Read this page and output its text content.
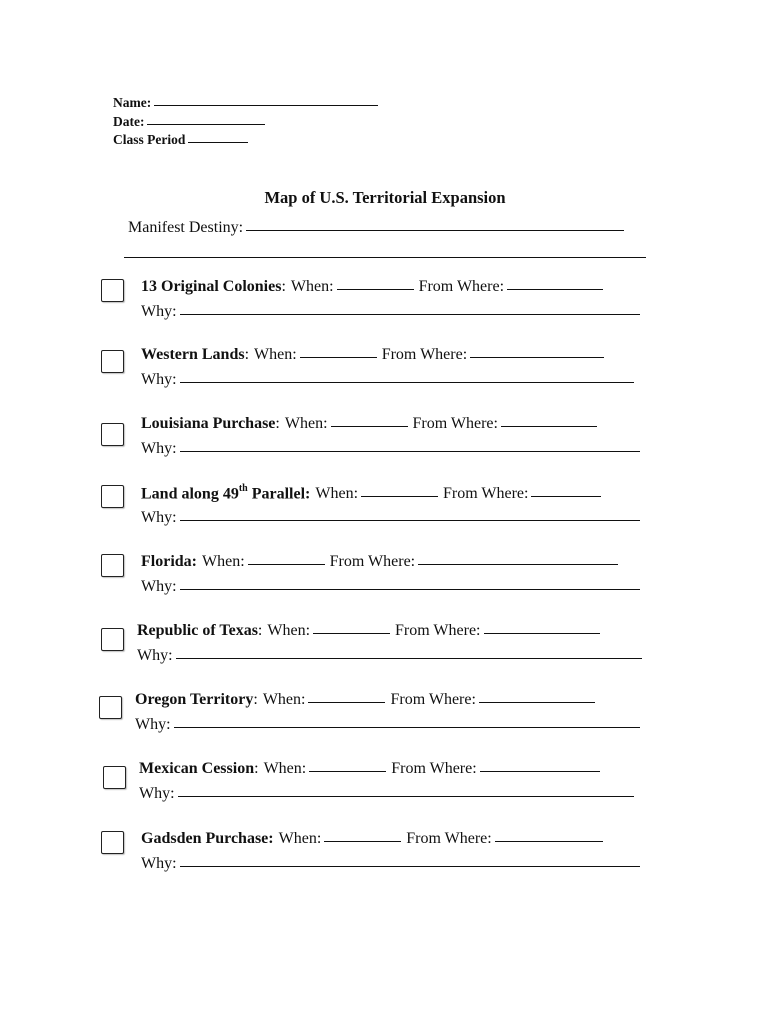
Name:
Date:
Class Period
Map of U.S. Territorial Expansion
Manifest Destiny:
13 Original Colonies : When:	From Where:
Why:
Western Lands : When:	From Where:
Why:
Louisiana Purchase : When:	From Where:
Why:
Land along 49th Parallel: When:	From Where:
Why:
Florida: When:	From Where:
Why:
Republic of Texas : When:	From Where:
Why:
Oregon Territory : When:	From Where:
Why:
Mexican Cession : When:	From Where:
Why:
Gadsden Purchase: When:	From Where:
Why:
